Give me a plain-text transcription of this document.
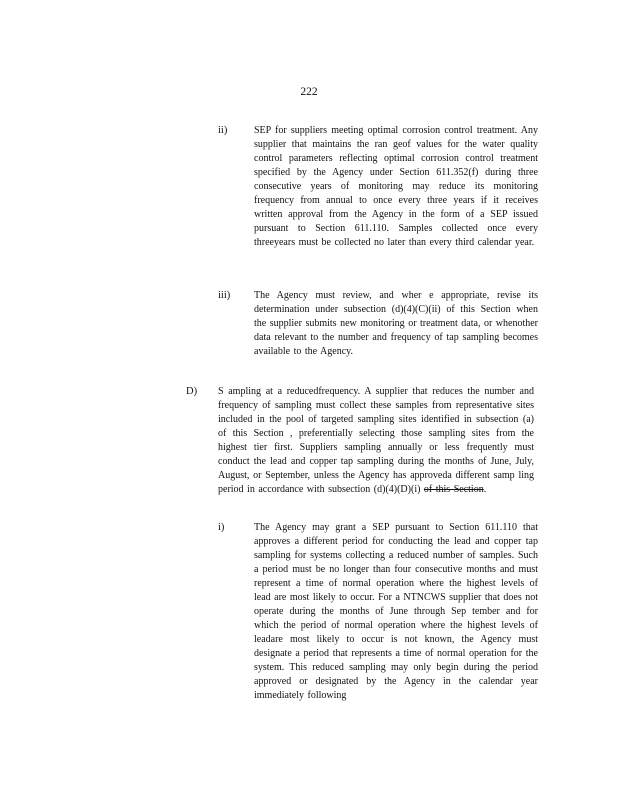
222
ii)	SEP for suppliers meeting optimal corrosion control treatment. Any supplier that maintains the ran geof values for the water quality control parameters reflecting optimal corrosion control treatment specified by the Agency under Section 611.352(f) during three consecutive years of monitoring may reduce its monitoring frequency from annual to once every three years if it receives written approval from the Agency in the form of a SEP issued pursuant to Section 611.110. Samples collected once every threeyears must be collected no later than every third calendar year.

iii) The Agency must review, and wher e appropriate, revise its determination under subsection (d)(4)(C)(ii) of this Section when the supplier submits new monitoring or treatment data, or whenother data relevant to the number and frequency of tap sampling becomes available to the Agency.

D) S ampling at a reducedfrequency. A supplier that reduces the number and frequency of sampling must collect these samples from representative sites included in the pool of targeted sampling sites identified in subsection (a) of this Section , preferentially selecting those sampling sites from the highest tier first. Suppliers sampling annually or less frequently must conduct the lead and copper tap sampling during the months of June, July, August, or September, unless the Agency has approveda different samp ling period in accordance with subsection (d)(4)(D)(i) of this Section.

i)	The Agency may grant a SEP pursuant to Section 611.110 that approves a different period for conducting the lead and copper tap sampling for systems collecting a reduced number of samples. Such a period must be no longer than four consecutive months and must represent a time of normal operation where the highest levels of lead are most likely to occur. For a NTNCWS supplier that does not operate during the months of June through Sep tember and for which the period of normal operation where the highest levels of leadare most likely to occur is not known, the Agency must designate a period that represents a time of normal operation for the system. This reduced sampling may only begin during the period approved or designated by the Agency in the calendar year immediately following
